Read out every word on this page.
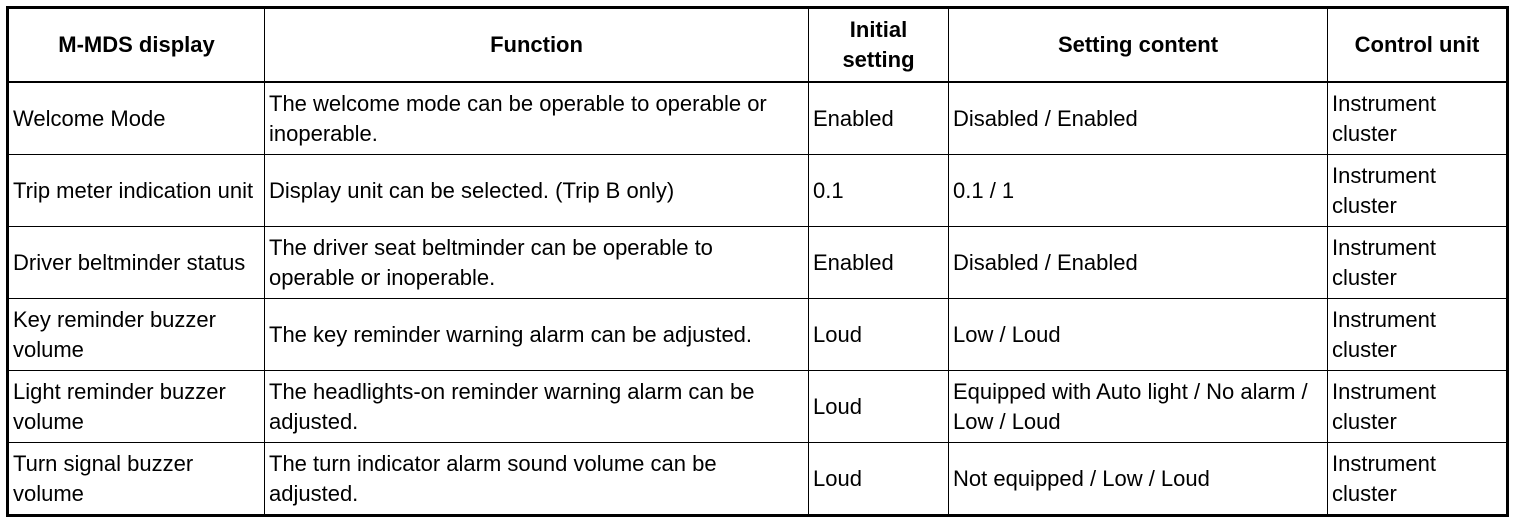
M-MDS display	Function	Initial setting	Setting content	Control unit
Welcome Mode	The welcome mode can be operable to operable or inoperable.	Enabled	Disabled / Enabled	Instrument cluster
Trip meter indication unit	Display unit can be selected. (Trip B only)	0.1	0.1 / 1	Instrument cluster
Driver beltminder status	The driver seat beltminder can be operable to operable or inoperable.	Enabled	Disabled / Enabled	Instrument cluster
Key reminder buzzer volume	The key reminder warning alarm can be adjusted.	Loud	Low / Loud	Instrument cluster
Light reminder buzzer volume	The headlights-on reminder warning alarm can be adjusted.	Loud	Equipped with Auto light / No alarm / Low / Loud	Instrument cluster
Turn signal buzzer volume	The turn indicator alarm sound volume can be adjusted.	Loud	Not equipped / Low / Loud	Instrument cluster
